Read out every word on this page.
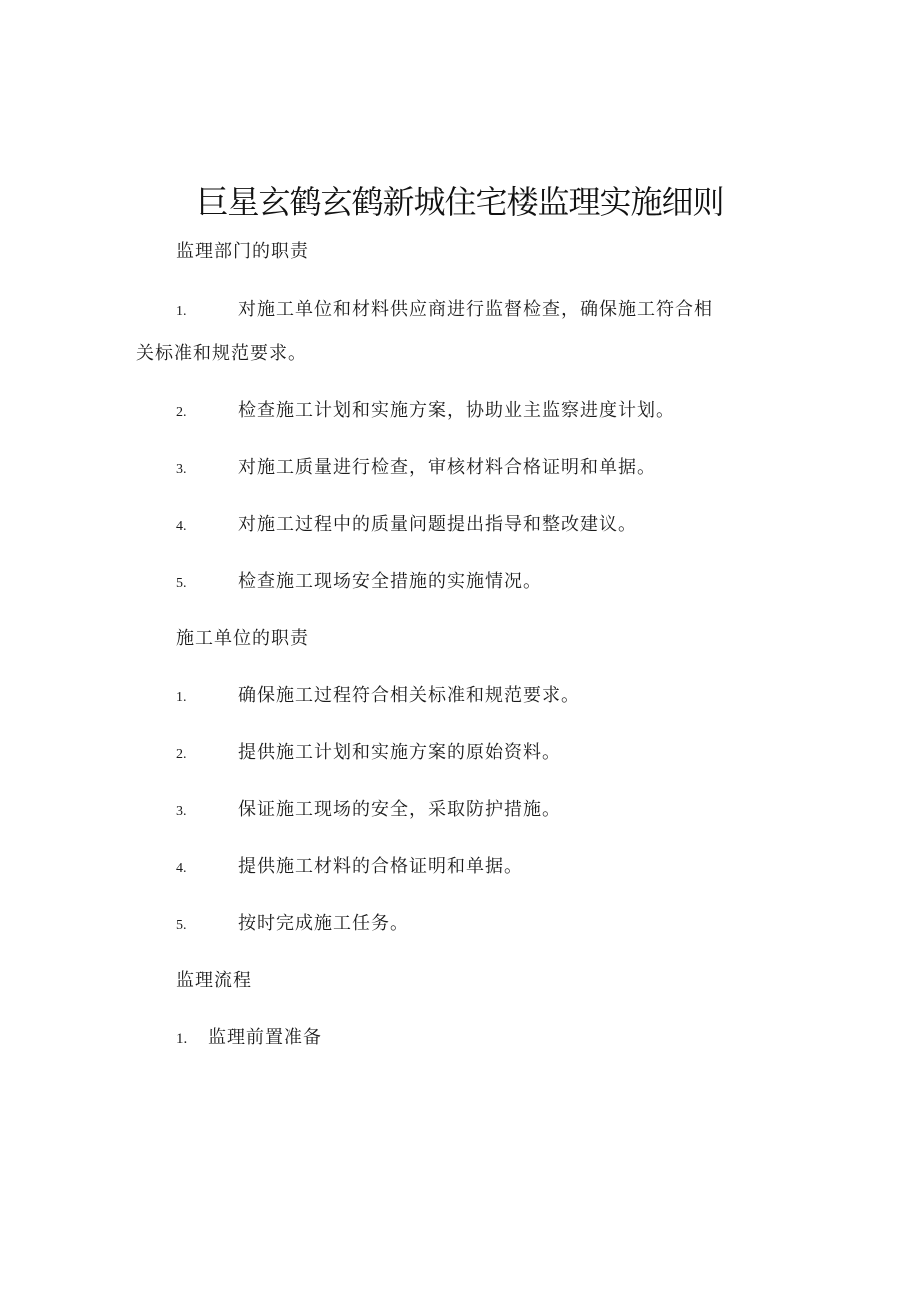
巨星玄鹤玄鹤新城住宅楼监理实施细则
监理部门的职责
1.	对施工单位和材料供应商进行监督检查，确保施工符合相
关标准和规范要求。
2.	检查施工计划和实施方案，协助业主监察进度计划。
3.	对施工质量进行检查，审核材料合格证明和单据。
4.	对施工过程中的质量问题提出指导和整改建议。
5.	检查施工现场安全措施的实施情况。
施工单位的职责
1.	确保施工过程符合相关标准和规范要求。
2.	提供施工计划和实施方案的原始资料。
3.	保证施工现场的安全，采取防护措施。
4.	提供施工材料的合格证明和单据。
5.	按时完成施工任务。
监理流程
1. 监理前置准备
